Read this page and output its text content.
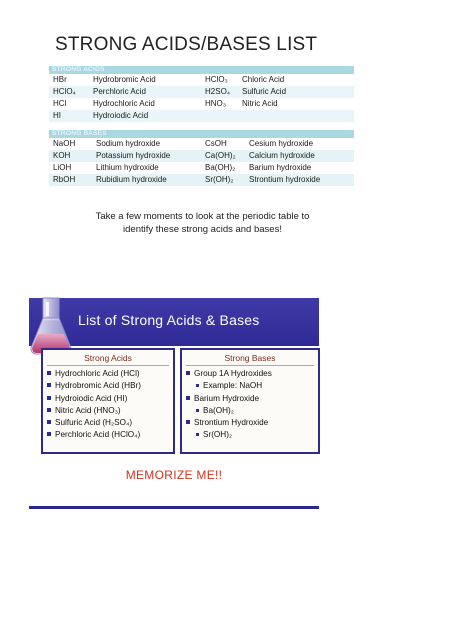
STRONG ACIDS/BASES LIST
STRONG ACIDS
HBr	Hydrobromic Acid	HClO₃	Chloric Acid
HClO₄	Perchloric Acid	H2SO₄	Sulfuric Acid
HCl	Hydrochloric Acid	HNO₃	Nitric Acid
HI	Hydroiodic Acid
STRONG BASES
NaOH	Sodium hydroxide	CsOH	Cesium hydroxide
KOH	Potassium hydroxide	Ca(OH)₂	Calcium hydroxide
LiOH	Lithium hydroxide	Ba(OH)₂	Barium hydroxide
RbOH	Rubidium hydroxide	Sr(OH)₂	Strontium hydroxide
Take a few moments to look at the periodic table to
identify these strong acids and bases!
List of Strong Acids & Bases
Strong Acids
Hydrochloric Acid (HCl)
Hydrobromic Acid (HBr)
Hydroiodic Acid (HI)
Nitric Acid (HNO₃)
Sulfuric Acid (H₂SO₄)
Perchloric Acid (HClO₄)
Strong Bases
Group 1A Hydroxides
Example: NaOH
Barium Hydroxide
Ba(OH)₂
Strontium Hydroxide
Sr(OH)₂
MEMORIZE ME!!
